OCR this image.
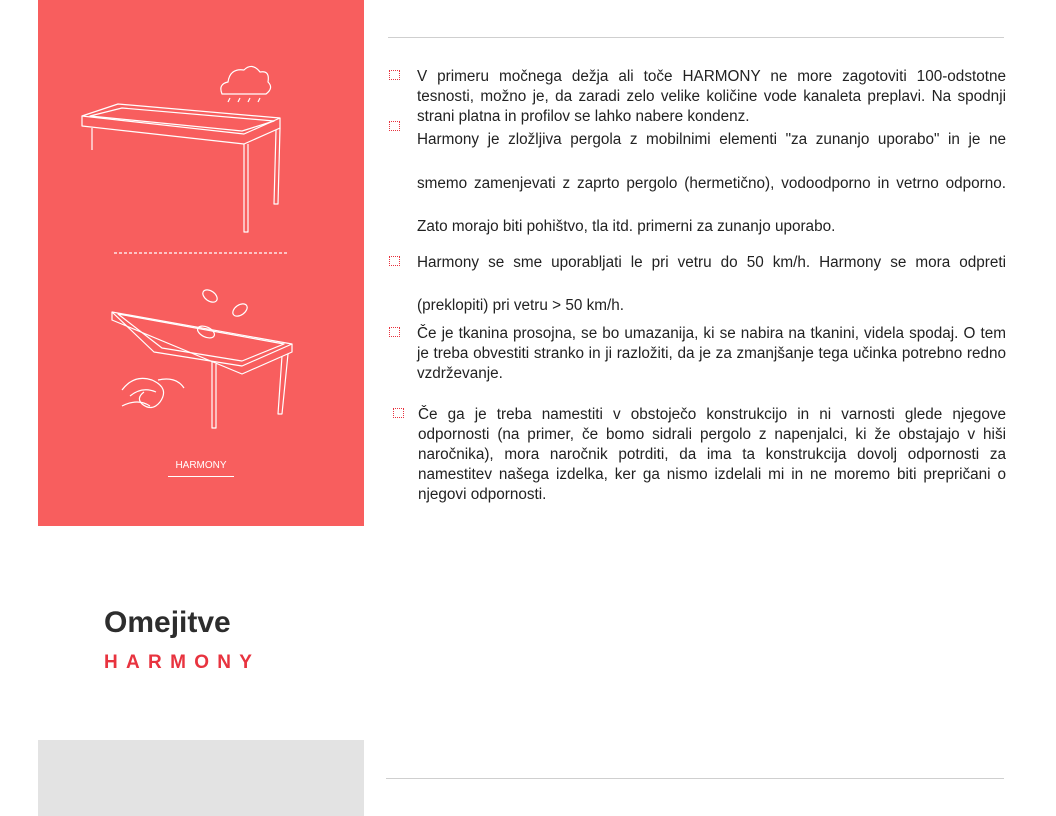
HARMONY
Omejitve
HARMONY

V primeru močnega dežja ali toče HARMONY ne more zagotoviti 100-odstotne tesnosti, možno je, da zaradi zelo velike količine vode kanaleta preplavi. Na spodnji strani platna in profilov se lahko nabere kondenz.

Harmony je zložljiva pergola z mobilnimi elementi "za zunanjo uporabo" in je ne smemo zamenjevati z zaprto pergolo (hermetično), vodoodporno in vetrno odporno. Zato morajo biti pohištvo, tla itd. primerni za zunanjo uporabo.

Harmony se sme uporabljati le pri vetru do 50 km/h. Harmony se mora odpreti (preklopiti) pri vetru > 50 km/h.

Če je tkanina prosojna, se bo umazanija, ki se nabira na tkanini, videla spodaj. O tem je treba obvestiti stranko in ji razložiti, da je za zmanjšanje tega učinka potrebno redno vzdrževanje.

Če ga je treba namestiti v obstoječo konstrukcijo in ni varnosti glede njegove odpornosti (na primer, če bomo sidrali pergolo z napenjalci, ki že obstajajo v hiši naročnika), mora naročnik potrditi, da ima ta konstrukcija dovolj odpornosti za namestitev našega izdelka, ker ga nismo izdelali mi in ne moremo biti prepričani o njegovi odpornosti.
